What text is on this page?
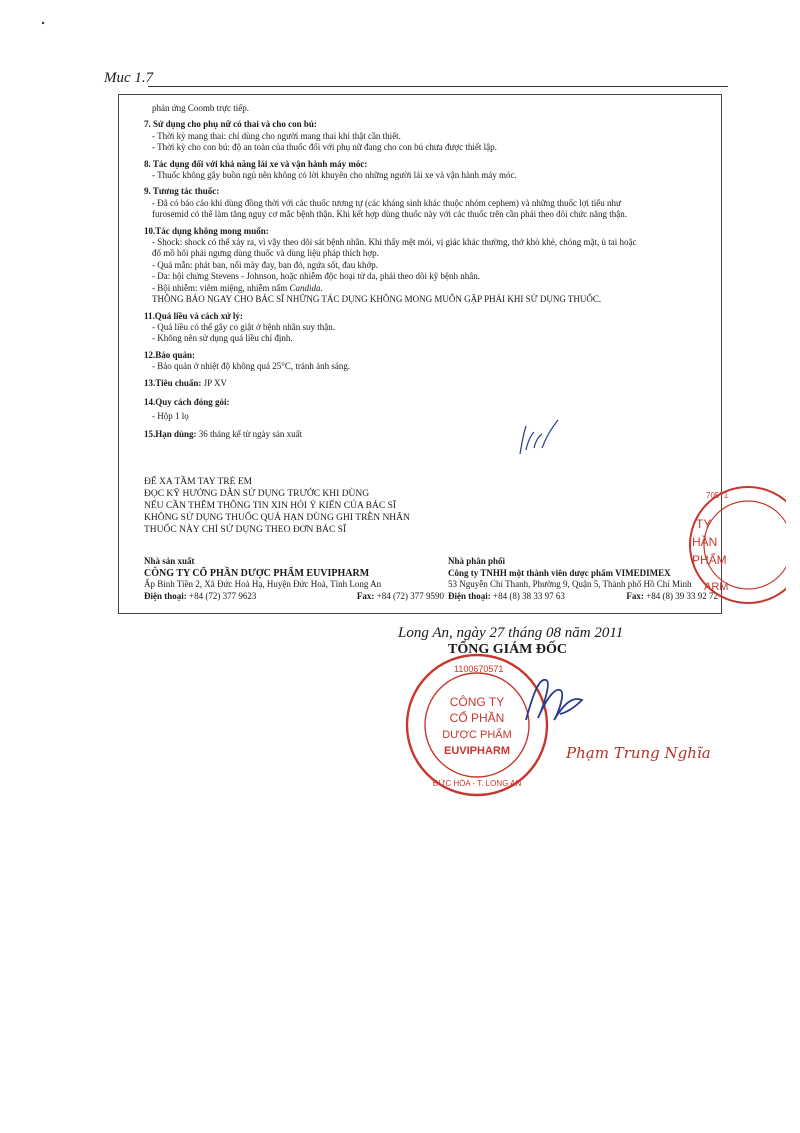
Muc 1.7
phản ứng Coomb trực tiếp.
7. Sử dụng cho phụ nữ có thai và cho con bú:
- Thời kỳ mang thai: chỉ dùng cho người mang thai khi thật cần thiết.
- Thời kỳ cho con bú: độ an toàn của thuốc đối với phụ nữ đang cho con bú chưa được thiết lập.
8. Tác dụng đối với khả năng lái xe và vận hành máy móc:
- Thuốc không gây buồn ngủ nên không có lời khuyên cho những người lái xe và vận hành máy móc.
9. Tương tác thuốc:
- Đã có báo cáo khi dùng đồng thời với các thuốc tương tự (các kháng sinh khác thuộc nhóm cephem) và những thuốc lợi tiểu như
furosemid có thể làm tăng nguy cơ mắc bệnh thận. Khi kết hợp dùng thuốc này với các thuốc trên cần phải theo dõi chức năng thận.
10.Tác dụng không mong muốn:
- Shock: shock có thể xảy ra, vì vậy theo dõi sát bệnh nhân. Khi thấy mệt mỏi, vị giác khác thường, thở khò khè, chóng mặt, ù tai hoặc
đổ mồ hôi phải ngưng dùng thuốc và dùng liệu pháp thích hợp.
- Quá mẫn: phát ban, nổi mày đay, ban đỏ, ngứa sốt, đau khớp.
- Da: hội chứng Stevens - Johnson, hoặc nhiễm độc hoại tử da, phải theo dõi kỹ bệnh nhân.
- Bội nhiễm: viêm miệng, nhiễm nấm Candida.
THÔNG BÁO NGAY CHO BÁC SĨ NHỮNG TÁC DỤNG KHÔNG MONG MUỐN GẶP PHẢI KHI SỬ DỤNG THUỐC.
11.Quá liều và cách xử lý:
- Quá liều có thể gây co giật ở bệnh nhân suy thận.
- Không nên sử dụng quá liều chỉ định.
12.Bảo quản:
- Bảo quản ở nhiệt độ không quá 25°C, tránh ánh sáng.
13.Tiêu chuẩn: JP XV
14.Quy cách đóng gói:
- Hộp 1 lọ
15.Hạn dùng: 36 tháng kể từ ngày sản xuất
ĐỂ XA TẦM TAY TRẺ EM
ĐỌC KỸ HƯỚNG DẪN SỬ DỤNG TRƯỚC KHI DÙNG
NẾU CẦN THÊM THÔNG TIN XIN HỎI Ý KIẾN CỦA BÁC SĨ
KHÔNG SỬ DỤNG THUỐC QUÁ HẠN DÙNG GHI TRÊN NHÃN
THUỐC NÀY CHỈ SỬ DỤNG THEO ĐƠN BÁC SĨ
Nhà sản xuất
CÔNG TY CỔ PHẦN DƯỢC PHẨM EUVIPHARM
Ấp Bình Tiền 2, Xã Đức Hoà Hạ, Huyện Đức Hoà, Tỉnh Long An
Điện thoại: +84 (72) 377 9623	Fax: +84 (72) 377 9590
Nhà phân phối
Công ty TNHH một thành viên dược phẩm VIMEDIMEX
53 Nguyễn Chí Thanh, Phường 9, Quận 5, Thành phố Hồ Chí Minh
Điện thoại: +84 (8) 38 33 97 63	Fax: +84 (8) 39 33 92 72
TY
HẦN
PHẨM
ARM
70571
Long An, ngày 27 tháng 08 năm 2011
TỔNG GIÁM ĐỐC
1100670571
CÔNG TY
CỔ PHẦN
DƯỢC PHẨM
EUVIPHARM
ĐỨC HÒA - T. LONG AN
Phạm Trung Nghĩa
